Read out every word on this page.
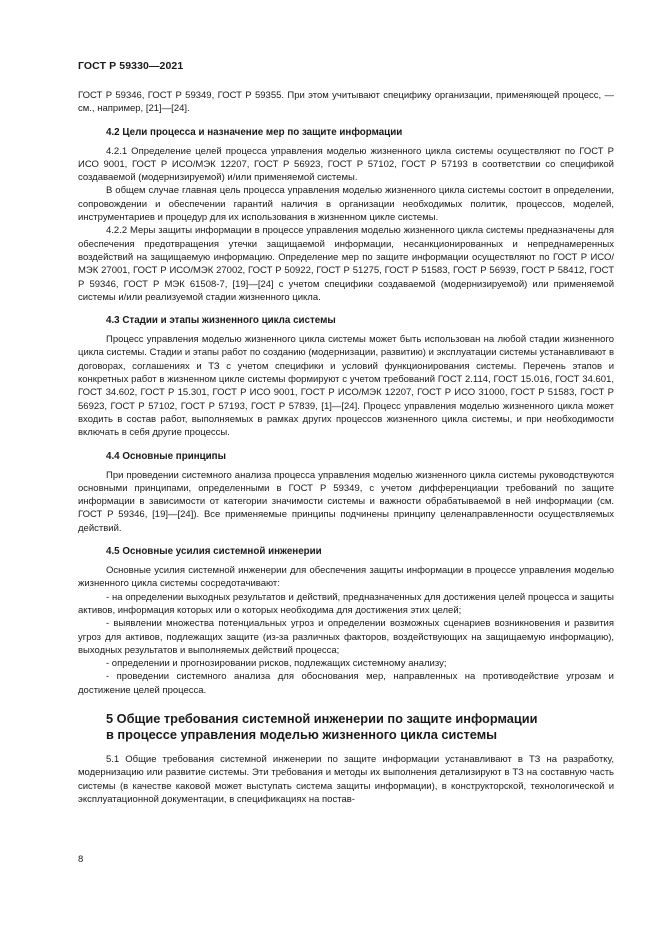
ГОСТ Р 59330—2021

ГОСТ Р 59346, ГОСТ Р 59349, ГОСТ Р 59355. При этом учитывают специфику организации, применяющей процесс, — см., например, [21]—[24].

4.2 Цели процесса и назначение мер по защите информации

4.2.1 Определение целей процесса управления моделью жизненного цикла системы осуществляют по ГОСТ Р ИСО 9001, ГОСТ Р ИСО/МЭК 12207, ГОСТ Р 56923, ГОСТ Р 57102, ГОСТ Р 57193 в соответствии со спецификой создаваемой (модернизируемой) и/или применяемой системы.

В общем случае главная цель процесса управления моделью жизненного цикла системы состоит в определении, сопровождении и обеспечении гарантий наличия в организации необходимых политик, процессов, моделей, инструментариев и процедур для их использования в жизненном цикле системы.

4.2.2 Меры защиты информации в процессе управления моделью жизненного цикла системы предназначены для обеспечения предотвращения утечки защищаемой информации, несанкционированных и непреднамеренных воздействий на защищаемую информацию. Определение мер по защите информации осуществляют по ГОСТ Р ИСО/МЭК 27001, ГОСТ Р ИСО/МЭК 27002, ГОСТ Р 50922, ГОСТ Р 51275, ГОСТ Р 51583, ГОСТ Р 56939, ГОСТ Р 58412, ГОСТ Р 59346, ГОСТ Р МЭК 61508-7, [19]—[24] с учетом специфики создаваемой (модернизируемой) или применяемой системы и/или реализуемой стадии жизненного цикла.

4.3 Стадии и этапы жизненного цикла системы

Процесс управления моделью жизненного цикла системы может быть использован на любой стадии жизненного цикла системы. Стадии и этапы работ по созданию (модернизации, развитию) и эксплуатации системы устанавливают в договорах, соглашениях и ТЗ с учетом специфики и условий функционирования системы. Перечень этапов и конкретных работ в жизненном цикле системы формируют с учетом требований ГОСТ 2.114, ГОСТ 15.016, ГОСТ 34.601, ГОСТ 34.602, ГОСТ Р 15.301, ГОСТ Р ИСО 9001, ГОСТ Р ИСО/МЭК 12207, ГОСТ Р ИСО 31000, ГОСТ Р 51583, ГОСТ Р 56923, ГОСТ Р 57102, ГОСТ Р 57193, ГОСТ Р 57839, [1]—[24]. Процесс управления моделью жизненного цикла может входить в состав работ, выполняемых в рамках других процессов жизненного цикла системы, и при необходимости включать в себя другие процессы.

4.4 Основные принципы

При проведении системного анализа процесса управления моделью жизненного цикла системы руководствуются основными принципами, определенными в ГОСТ Р 59349, с учетом дифференциации требований по защите информации в зависимости от категории значимости системы и важности обрабатываемой в ней информации (см. ГОСТ Р 59346, [19]—[24]). Все применяемые принципы подчинены принципу целенаправленности осуществляемых действий.

4.5 Основные усилия системной инженерии

Основные усилия системной инженерии для обеспечения защиты информации в процессе управления моделью жизненного цикла системы сосредотачивают:

- на определении выходных результатов и действий, предназначенных для достижения целей процесса и защиты активов, информация которых или о которых необходима для достижения этих целей;

- выявлении множества потенциальных угроз и определении возможных сценариев возникновения и развития угроз для активов, подлежащих защите (из-за различных факторов, воздействующих на защищаемую информацию), выходных результатов и выполняемых действий процесса;

- определении и прогнозировании рисков, подлежащих системному анализу;

- проведении системного анализа для обоснования мер, направленных на противодействие угрозам и достижение целей процесса.

5 Общие требования системной инженерии по защите информации
в процессе управления моделью жизненного цикла системы

5.1 Общие требования системной инженерии по защите информации устанавливают в ТЗ на разработку, модернизацию или развитие системы. Эти требования и методы их выполнения детализируют в ТЗ на составную часть системы (в качестве каковой может выступать система защиты информации), в конструкторской, технологической и эксплуатационной документации, в спецификациях на постав-

8
